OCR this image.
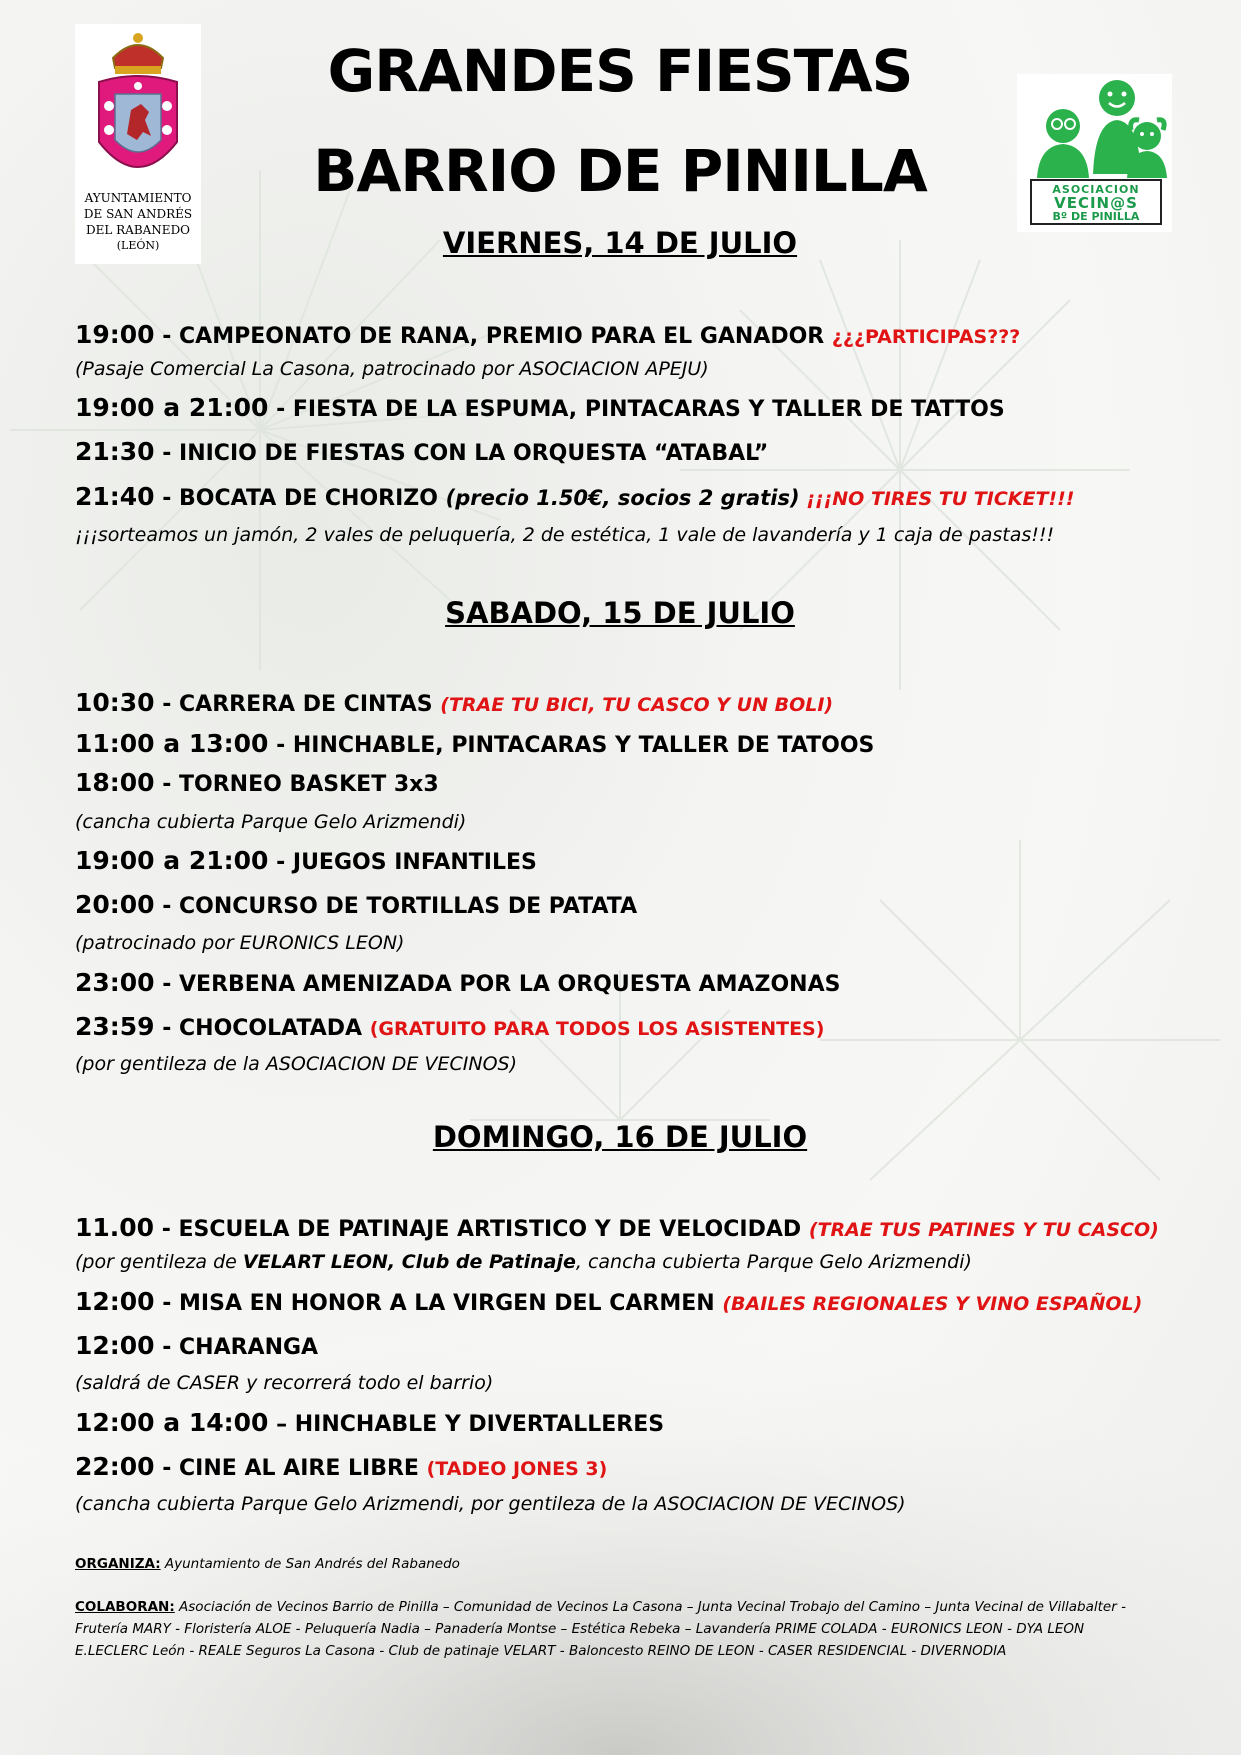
AYUNTAMIENTO
DE SAN ANDRÉS
DEL RABANEDO
(LEÓN)
GRANDES FIESTAS
BARRIO DE PINILLA	ASOCIACION
VECIN@S
Bº DE PINILLA
VIERNES, 14 DE JULIO
19:00 - CAMPEONATO DE RANA, PREMIO PARA EL GANADOR ¿¿¿PARTICIPAS???
(Pasaje Comercial La Casona, patrocinado por ASOCIACION APEJU)
19:00 a 21:00 - FIESTA DE LA ESPUMA, PINTACARAS Y TALLER DE TATTOS
21:30 - INICIO DE FIESTAS CON LA ORQUESTA “ATABAL”
21:40 - BOCATA DE CHORIZO (precio 1.50€, socios 2 gratis) ¡¡¡NO TIRES TU TICKET!!!
¡¡¡sorteamos un jamón, 2 vales de peluquería, 2 de estética, 1 vale de lavandería y 1 caja de pastas!!!
SABADO, 15 DE JULIO
10:30 - CARRERA DE CINTAS (TRAE TU BICI, TU CASCO Y UN BOLI)
11:00 a 13:00 - HINCHABLE, PINTACARAS Y TALLER DE TATOOS
18:00 - TORNEO BASKET 3x3
(cancha cubierta Parque Gelo Arizmendi)
19:00 a 21:00 - JUEGOS INFANTILES
20:00 - CONCURSO DE TORTILLAS DE PATATA
(patrocinado por EURONICS LEON)
23:00 - VERBENA AMENIZADA POR LA ORQUESTA AMAZONAS
23:59 - CHOCOLATADA (GRATUITO PARA TODOS LOS ASISTENTES)
(por gentileza de la ASOCIACION DE VECINOS)
DOMINGO, 16 DE JULIO
11.00 - ESCUELA DE PATINAJE ARTISTICO Y DE VELOCIDAD (TRAE TUS PATINES Y TU CASCO)
(por gentileza de VELART LEON, Club de Patinaje, cancha cubierta Parque Gelo Arizmendi)
12:00 - MISA EN HONOR A LA VIRGEN DEL CARMEN (BAILES REGIONALES Y VINO ESPAÑOL)
12:00 - CHARANGA
(saldrá de CASER y recorrerá todo el barrio)
12:00 a 14:00 – HINCHABLE Y DIVERTALLERES
22:00 - CINE AL AIRE LIBRE (TADEO JONES 3)
(cancha cubierta Parque Gelo Arizmendi, por gentileza de la ASOCIACION DE VECINOS)
ORGANIZA: Ayuntamiento de San Andrés del Rabanedo
COLABORAN: Asociación de Vecinos Barrio de Pinilla – Comunidad de Vecinos La Casona – Junta Vecinal Trobajo del Camino – Junta Vecinal de Villabalter -
Frutería MARY - Floristería ALOE - Peluquería Nadia – Panadería Montse – Estética Rebeka – Lavandería PRIME COLADA - EURONICS LEON - DYA LEON
E.LECLERC León - REALE Seguros La Casona - Club de patinaje VELART - Baloncesto REINO DE LEON - CASER RESIDENCIAL - DIVERNODIA
